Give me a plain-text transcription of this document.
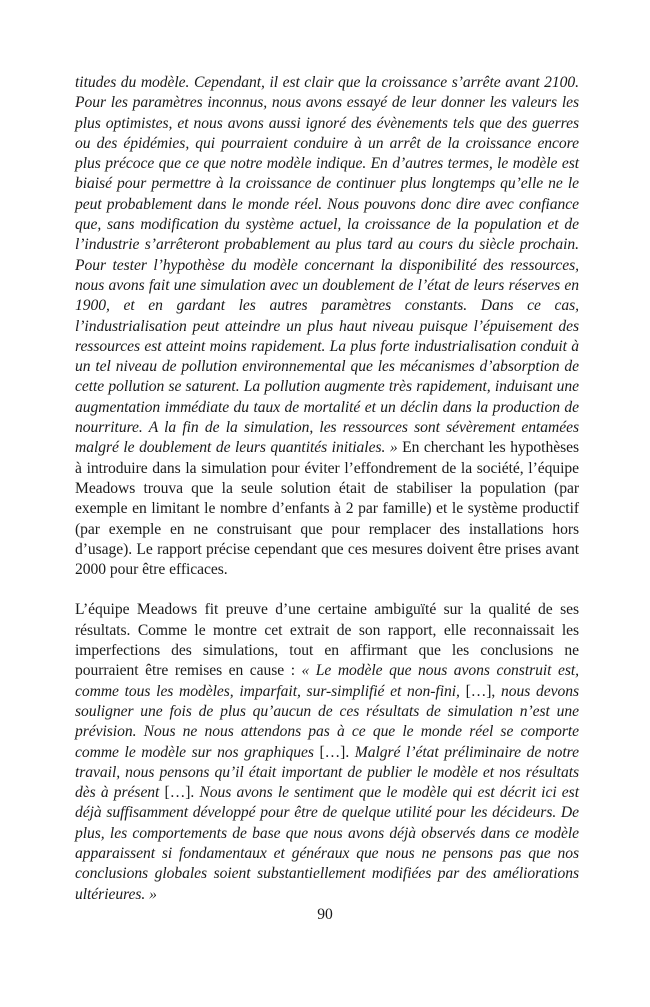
titudes du modèle. Cependant, il est clair que la croissance s’arrête avant 2100. Pour les paramètres inconnus, nous avons essayé de leur donner les valeurs les plus optimistes, et nous avons aussi ignoré des évènements tels que des guerres ou des épidémies, qui pourraient conduire à un arrêt de la croissance encore plus précoce que ce que notre modèle indique. En d’autres termes, le modèle est biaisé pour permettre à la croissance de continuer plus longtemps qu’elle ne le peut probablement dans le monde réel. Nous pouvons donc dire avec confiance que, sans modification du système actuel, la croissance de la population et de l’industrie s’arrêteront probablement au plus tard au cours du siècle prochain. Pour tester l’hypothèse du modèle concernant la disponibilité des ressources, nous avons fait une simulation avec un doublement de l’état de leurs réserves en 1900, et en gardant les autres paramètres constants. Dans ce cas, l’industrialisation peut atteindre un plus haut niveau puisque l’épuisement des ressources est atteint moins rapidement. La plus forte industrialisation conduit à un tel niveau de pollution environnemental que les mécanismes d’absorption de cette pollution se saturent. La pollution augmente très rapidement, induisant une augmentation immédiate du taux de mortalité et un déclin dans la production de nourriture. A la fin de la simulation, les ressources sont sévèrement entamées malgré le doublement de leurs quantités initiales. » En cherchant les hypothèses à introduire dans la simulation pour éviter l’effondrement de la société, l’équipe Meadows trouva que la seule solution était de stabiliser la population (par exemple en limitant le nombre d’enfants à 2 par famille) et le système productif (par exemple en ne construisant que pour remplacer des installations hors d’usage). Le rapport précise cependant que ces mesures doivent être prises avant 2000 pour être efficaces.

L’équipe Meadows fit preuve d’une certaine ambiguïté sur la qualité de ses résultats. Comme le montre cet extrait de son rapport, elle reconnaissait les imperfections des simulations, tout en affirmant que les conclusions ne pourraient être remises en cause : « Le modèle que nous avons construit est, comme tous les modèles, imparfait, sur-simplifié et non-fini, […], nous devons souligner une fois de plus qu’aucun de ces résultats de simulation n’est une prévision. Nous ne nous attendons pas à ce que le monde réel se comporte comme le modèle sur nos graphiques […]. Malgré l’état préliminaire de notre travail, nous pensons qu’il était important de publier le modèle et nos résultats dès à présent […]. Nous avons le sentiment que le modèle qui est décrit ici est déjà suffisamment développé pour être de quelque utilité pour les décideurs. De plus, les comportements de base que nous avons déjà observés dans ce modèle apparaissent si fondamentaux et généraux que nous ne pensons pas que nos conclusions globales soient substantiellement modifiées par des améliorations ultérieures. »

90
